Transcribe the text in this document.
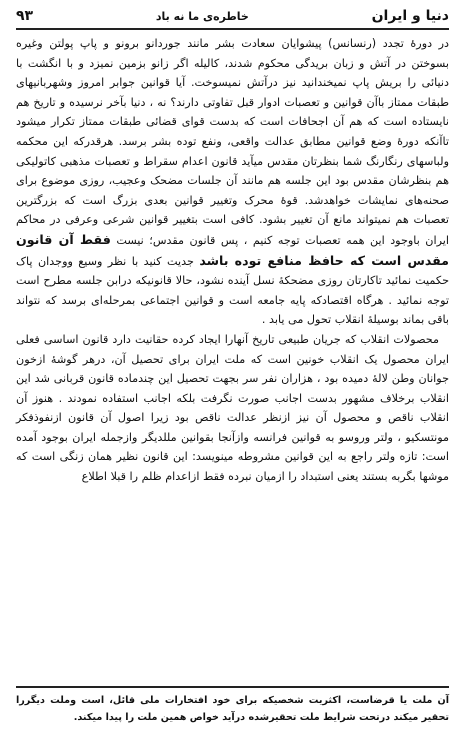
۹۳	خاطره‌ی ما نه باد	دنیا و ایران

در دورهٔ تجدد (رنسانس) پیشوایان سعادت بشر مانند جوردانو برونو و پاپ پولتن وغیره بسوختن در آتش و زبان بریدگی محکوم شدند، کالیله اگر زانو بزمین نمیزد و با انگشت با دنیائی را بریش پاپ نمیخندانید نیز درآتش نمیسوخت. آیا قوانین جوابر امروز وشهربانیهای طبقات ممتاز باآن قوانین و تعصبات ادوار قبل تفاوتی دارند؟ نه ، دنیا بآخر نرسیده و تاریخ هم نایستاده است که هم آن اجحافات است که بدست قوای قضائی طبقات ممتاز تکرار میشود تاآنکه دورهٔ وضع قوانین مطابق عدالت واقعی، ونفع توده بشر برسد. هرقدرکه این محکمه ولباسهای رنگارنگ شما بنظرتان مقدس میآید قانون اعدام سقراط و تعصبات مذهبی کاتولیکی هم بنظرشان مقدس بود این جلسه هم مانند آن جلسات مضحک وعجیب، روزی موضوع برای صحنه‌های نمایشات خواهدشد. قوهٔ محرک وتغییر قوانین بعدی بزرگ است که بزرگترین تعصبات هم نمیتواند مانع آن تغییر بشود. کافی است بتغییر قوانین شرعی وعرفی در محاکم ایران باوجود این همه تعصبات توجه کنیم ، پس قانون مقدس؛ نیست فقط آن قانون مقدس است که حافظ منافع توده باشد جدیت کنید با نظر وسیع ووجدان پاک حکمیت نمائید تاکارتان روزی مضحکهٔ نسل آینده نشود، حالا قانونیکه درابن جلسه مطرح است توجه نمائید . هرگاه اقتصادکه پایه جامعه است و قوانین اجتماعی بمرحله‌ای برسد که نتواند باقی بماند بوسیلهٔ انقلاب تحول می یابد .

محصولات انقلاب که جریان طبیعی تاریخ آنهارا ایجاد کرده حقانیت دارد قانون اساسی فعلی ایران محصول یک انقلاب خونین است که ملت ایران برای تحصیل آن، درهر گوشهٔ ازخون جوانان وطن لالهٔ دمیده بود ، هزاران نفر سر بجهت تحصیل این چندماده قانون قربانی شد این انقلاب برخلاف مشهور بدست اجانب صورت نگرفت بلکه اجانب استفاده نمودند . هنوز آن انقلاب ناقص و محصول آن نیز ازنظر عدالت ناقص بود زیرا اصول آن قانون ازنفوذفکر مونتسکیو ، ولتر وروسو به قوانین فرانسه وازآنجا بقوانین مللدیگر وازجمله ایران بوجود آمده است: تازه ولتر راجع به این قوانین مشروطه مینویسد: این قانون نظیر همان زنگی است که موشها بگربه بستند یعنی استبداد را ازمیان نبرده فقط ازاعدام ظلم را قبلا اطلاع

آن ملت یا قرضاست، اکثریت شخصیکه برای خود افتخارات ملی قائل، است وملت دیگررا تحقیر میکند درتحت شرایط ملت تحقیرشده درآید خواص همین ملت را پیدا میکند.
